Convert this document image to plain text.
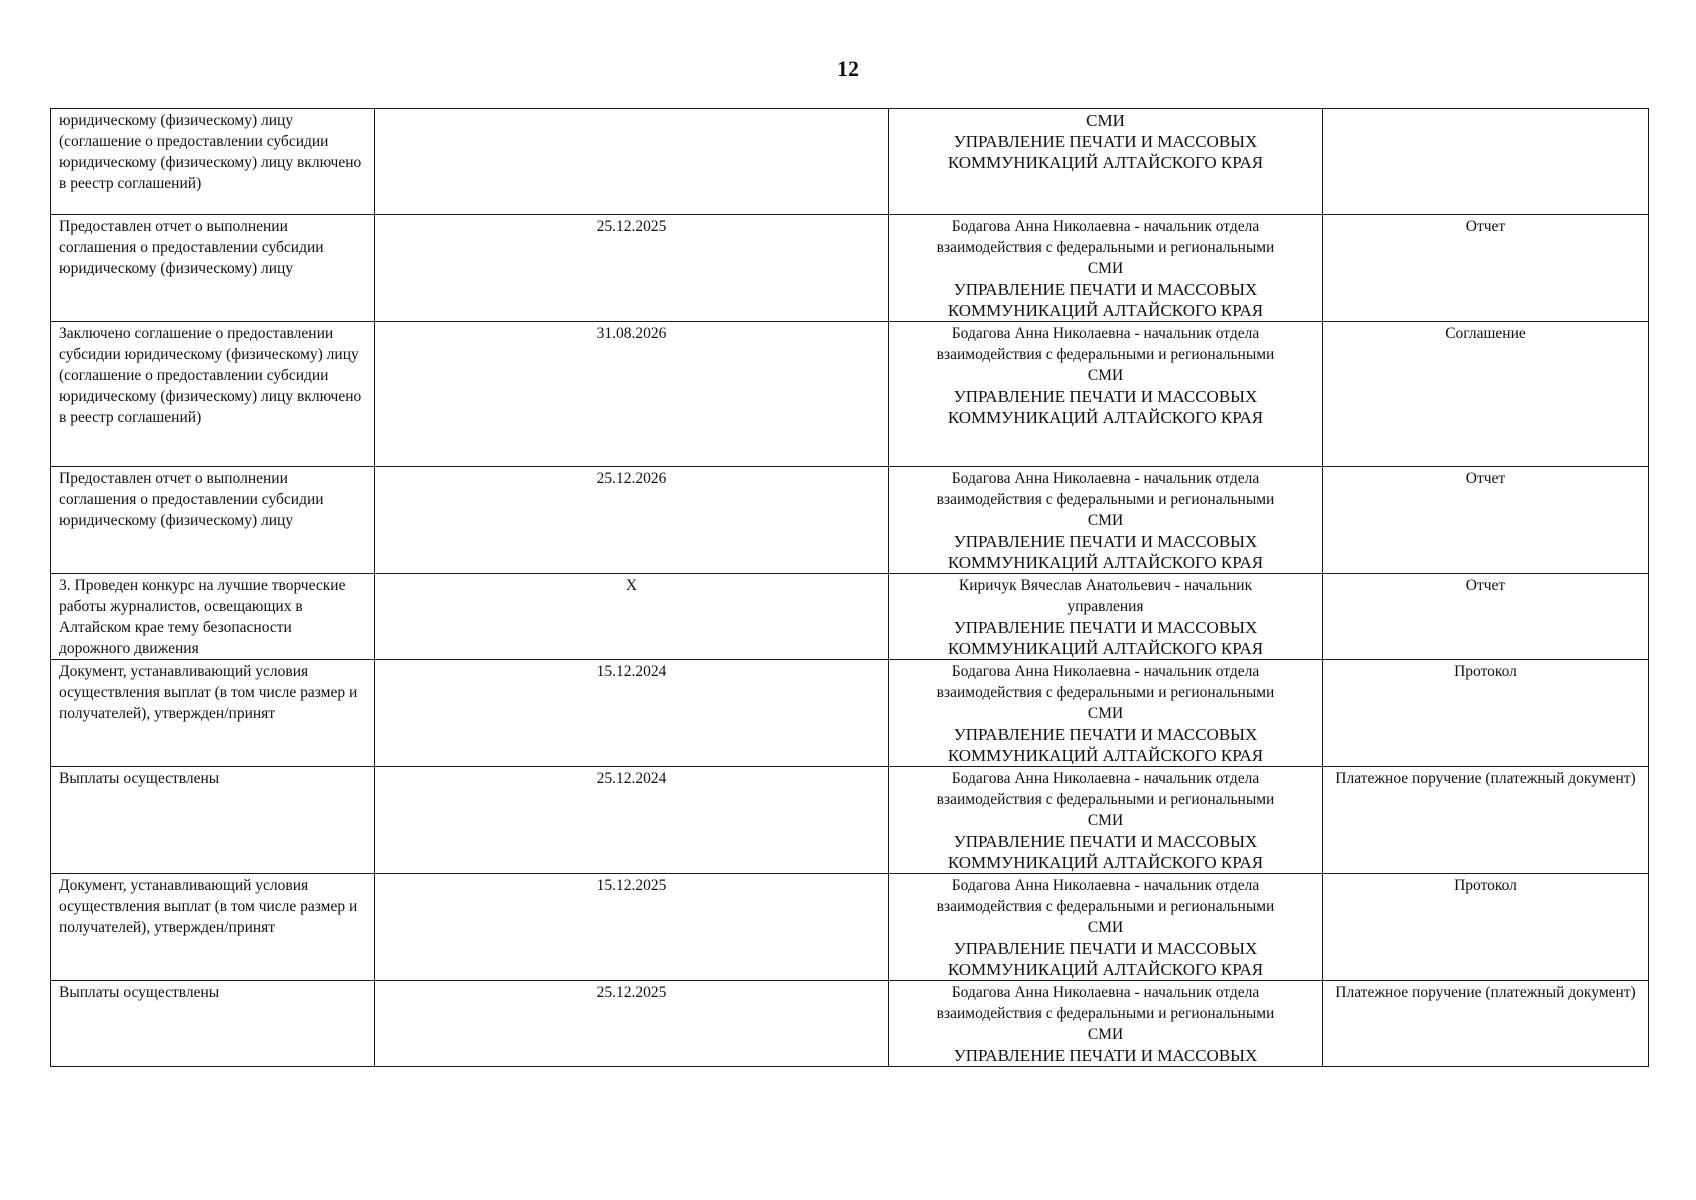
12
юридическому (физическому) лицу (соглашение о предоставлении субсидии юридическому (физическому) лицу включено в реестр соглашений)		СМИ
УПРАВЛЕНИЕ ПЕЧАТИ И МАССОВЫХ
КОММУНИКАЦИЙ АЛТАЙСКОГО КРАЯ	

Предоставлен отчет о выполнении соглашения о предоставлении субсидии юридическому (физическому) лицу	25.12.2025	Бодагова Анна Николаевна - начальник отдела
взаимодействия с федеральными и региональными
СМИ
УПРАВЛЕНИЕ ПЕЧАТИ И МАССОВЫХ
КОММУНИКАЦИЙ АЛТАЙСКОГО КРАЯ	Отчет
Заключено соглашение о предоставлении субсидии юридическому (физическому) лицу (соглашение о предоставлении субсидии юридическому (физическому) лицу включено в реестр соглашений)	31.08.2026	Бодагова Анна Николаевна - начальник отдела
взаимодействия с федеральными и региональными
СМИ
УПРАВЛЕНИЕ ПЕЧАТИ И МАССОВЫХ
КОММУНИКАЦИЙ АЛТАЙСКОГО КРАЯ	Соглашение
Предоставлен отчет о выполнении соглашения о предоставлении субсидии юридическому (физическому) лицу	25.12.2026	Бодагова Анна Николаевна - начальник отдела
взаимодействия с федеральными и региональными
СМИ
УПРАВЛЕНИЕ ПЕЧАТИ И МАССОВЫХ
КОММУНИКАЦИЙ АЛТАЙСКОГО КРАЯ	Отчет
3. Проведен конкурс на лучшие творческие работы журналистов, освещающих в Алтайском крае тему безопасности дорожного движения	X	Киричук Вячеслав Анатольевич - начальник
управления
УПРАВЛЕНИЕ ПЕЧАТИ И МАССОВЫХ
КОММУНИКАЦИЙ АЛТАЙСКОГО КРАЯ	Отчет
Документ, устанавливающий условия осуществления выплат (в том числе размер и получателей), утвержден/принят	15.12.2024	Бодагова Анна Николаевна - начальник отдела
взаимодействия с федеральными и региональными
СМИ
УПРАВЛЕНИЕ ПЕЧАТИ И МАССОВЫХ
КОММУНИКАЦИЙ АЛТАЙСКОГО КРАЯ	Протокол
Выплаты осуществлены	25.12.2024	Бодагова Анна Николаевна - начальник отдела
взаимодействия с федеральными и региональными
СМИ
УПРАВЛЕНИЕ ПЕЧАТИ И МАССОВЫХ
КОММУНИКАЦИЙ АЛТАЙСКОГО КРАЯ	Платежное поручение (платежный документ)
Документ, устанавливающий условия осуществления выплат (в том числе размер и получателей), утвержден/принят	15.12.2025	Бодагова Анна Николаевна - начальник отдела
взаимодействия с федеральными и региональными
СМИ
УПРАВЛЕНИЕ ПЕЧАТИ И МАССОВЫХ
КОММУНИКАЦИЙ АЛТАЙСКОГО КРАЯ	Протокол
Выплаты осуществлены	25.12.2025	Бодагова Анна Николаевна - начальник отдела
взаимодействия с федеральными и региональными
СМИ
УПРАВЛЕНИЕ ПЕЧАТИ И МАССОВЫХ	Платежное поручение (платежный документ)
